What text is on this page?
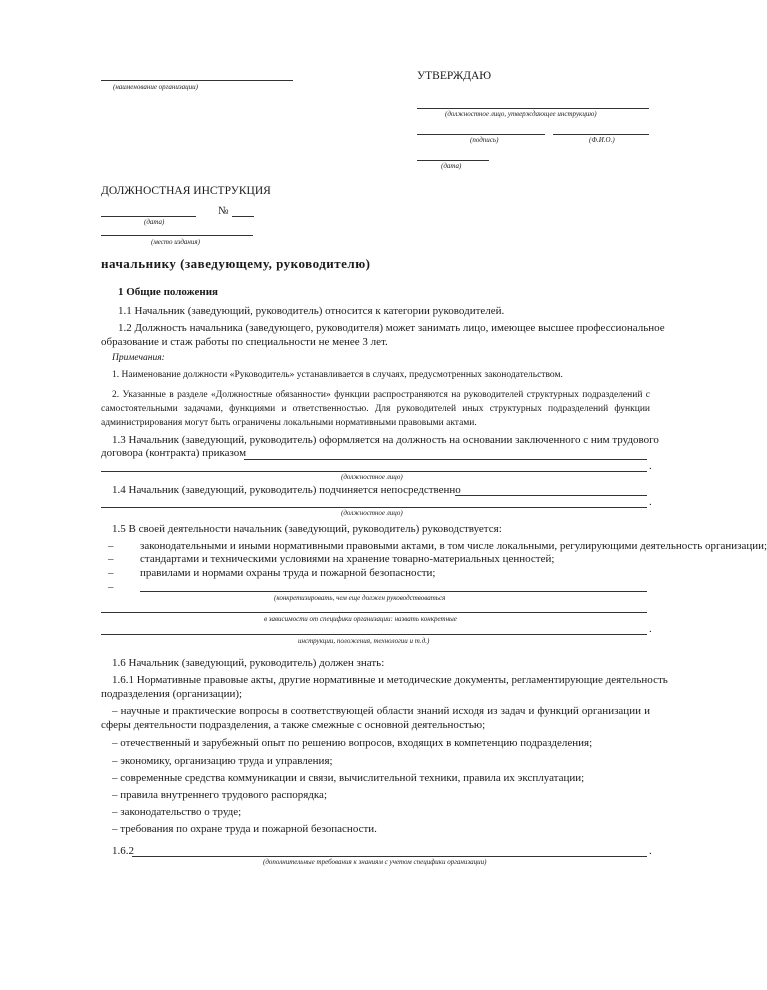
(наименование организации)
УТВЕРЖДАЮ
(должностное лицо, утверждающее инструкцию)
(подпись)	(Ф.И.О.)
(дата)
ДОЛЖНОСТНАЯ ИНСТРУКЦИЯ
№
(дата)
(место издания)
начальнику (заведующему, руководителю)
1 Общие положения
1.1 Начальник (заведующий, руководитель) относится к категории руководителей.
1.2 Должность начальника (заведующего, руководителя) может занимать лицо, имеющее высшее профессиональное
образование и стаж работы по специальности не менее 3 лет.
Примечания:
1. Наименование должности «Руководитель» устанавливается в случаях, предусмотренных законодательством.
2. Указанные в разделе «Должностные обязанности» функции распространяются на руководителей структурных подразделений с
самостоятельными задачами, функциями и ответственностью. Для руководителей иных структурных подразделений функции
администрирования могут быть ограничены локальными нормативными правовыми актами.
1.3 Начальник (заведующий, руководитель) оформляется на должность на основании заключенного с ним трудового
договора (контракта) приказом
.
(должностное лицо)
1.4 Начальник (заведующий, руководитель) подчиняется непосредственно
.
(должностное лицо)
1.5 В своей деятельности начальник (заведующий, руководитель) руководствуется:
– законодательными и иными нормативными правовыми актами, в том числе локальными, регулирующими деятельность организации;
– стандартами и техническими условиями на хранение товарно-материальных ценностей;
– правилами и нормами охраны труда и пожарной безопасности;
–
(конкретизировать, чем еще должен руководствоваться
в зависимости от специфики организации: назвать конкретные
.
инструкции, положения, технологии и т.д.)
1.6 Начальник (заведующий, руководитель) должен знать:
1.6.1 Нормативные правовые акты, другие нормативные и методические документы, регламентирующие деятельность
подразделения (организации);
– научные и практические вопросы в соответствующей области знаний исходя из задач и функций организации и
сферы деятельности подразделения, а также смежные с основной деятельностью;
– отечественный и зарубежный опыт по решению вопросов, входящих в компетенцию подразделения;
– экономику, организацию труда и управления;
– современные средства коммуникации и связи, вычислительной техники, правила их эксплуатации;
– правила внутреннего трудового распорядка;
– законодательство о труде;
– требования по охране труда и пожарной безопасности.
1.6.2	.
(дополнительные требования к знаниям с учетом специфики организации)
